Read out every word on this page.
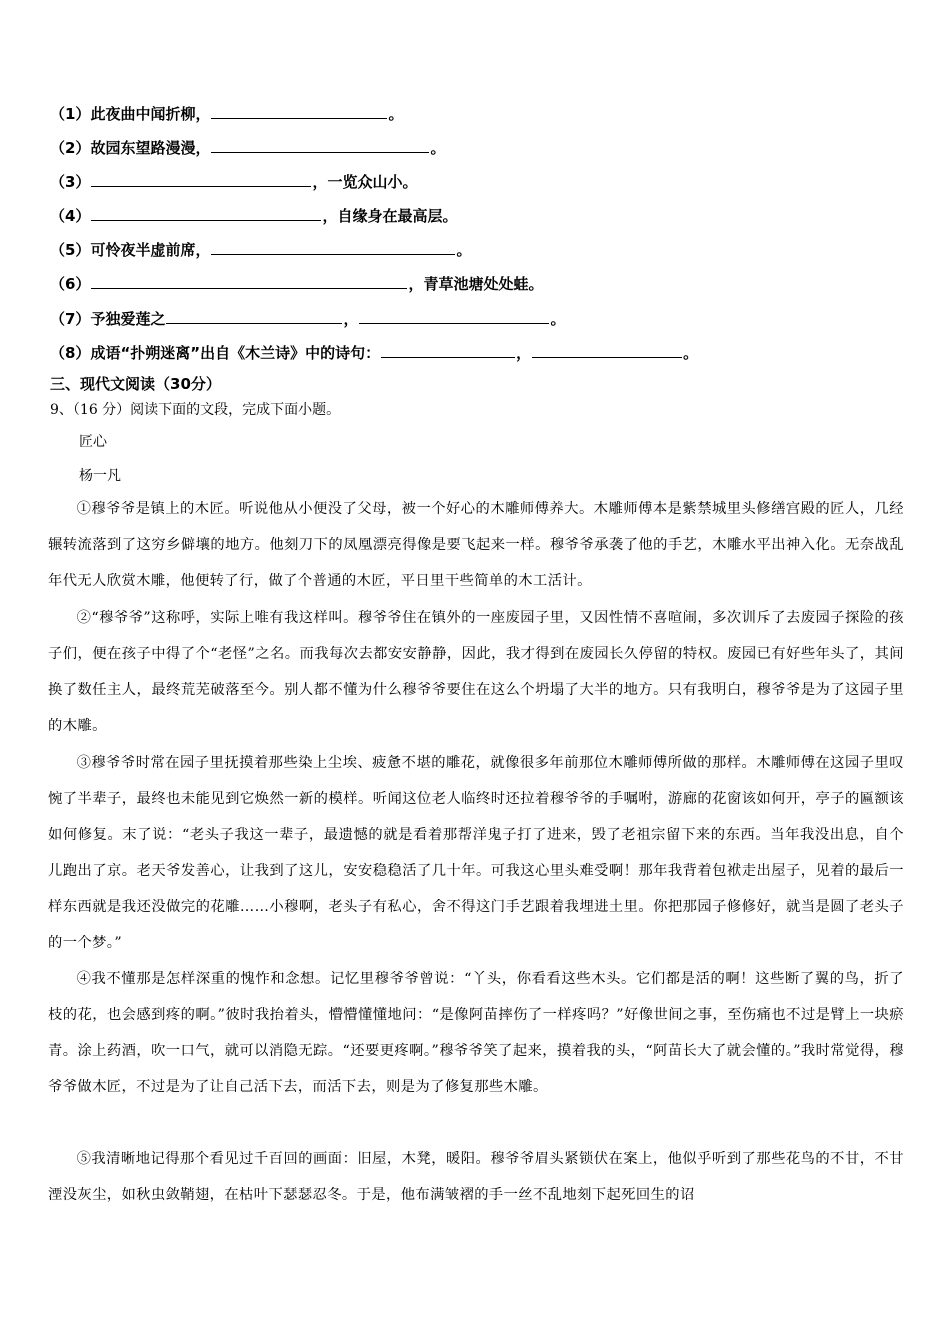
（1）此夜曲中闻折柳，	。
（2）故园东望路漫漫，	。
（3）	，一览众山小。
（4）	，自缘身在最高层。
（5）可怜夜半虚前席，	。
（6）	，青草池塘处处蛙。
（7）予独爱莲之	，	。
（8）成语“扑朔迷离”出自《木兰诗》中的诗句：	，	。
三、现代文阅读（30分）
9、（16 分）阅读下面的文段，完成下面小题。
匠心
杨一凡

①穆爷爷是镇上的木匠。听说他从小便没了父母，被一个好心的木雕师傅养大。木雕师傅本是紫禁城里头修缮宫殿的匠人，几经辗转流落到了这穷乡僻壤的地方。他刻刀下的凤凰漂亮得像是要飞起来一样。穆爷爷承袭了他的手艺，木雕水平出神入化。无奈战乱年代无人欣赏木雕，他便转了行，做了个普通的木匠，平日里干些简单的木工活计。

②“穆爷爷”这称呼，实际上唯有我这样叫。穆爷爷住在镇外的一座废园子里，又因性情不喜喧闹，多次训斥了去废园子探险的孩子们，便在孩子中得了个“老怪”之名。而我每次去都安安静静，因此，我才得到在废园长久停留的特权。废园已有好些年头了，其间换了数任主人，最终荒芜破落至今。别人都不懂为什么穆爷爷要住在这么个坍塌了大半的地方。只有我明白，穆爷爷是为了这园子里的木雕。

③穆爷爷时常在园子里抚摸着那些染上尘埃、疲惫不堪的雕花，就像很多年前那位木雕师傅所做的那样。木雕师傅在这园子里叹惋了半辈子，最终也未能见到它焕然一新的模样。听闻这位老人临终时还拉着穆爷爷的手嘱咐，游廊的花窗该如何开，亭子的匾额该如何修复。末了说：“老头子我这一辈子，最遗憾的就是看着那帮洋鬼子打了进来，毁了老祖宗留下来的东西。当年我没出息，自个儿跑出了京。老天爷发善心，让我到了这儿，安安稳稳活了几十年。可我这心里头难受啊！那年我背着包袱走出屋子，见着的最后一样东西就是我还没做完的花雕……小穆啊，老头子有私心，舍不得这门手艺跟着我埋进土里。你把那园子修修好，就当是圆了老头子的一个梦。”

④我不懂那是怎样深重的愧怍和念想。记忆里穆爷爷曾说：“丫头，你看看这些木头。它们都是活的啊！这些断了翼的鸟，折了枝的花，也会感到疼的啊。”彼时我抬着头，懵懵懂懂地问：“是像阿苗摔伤了一样疼吗？”好像世间之事，至伤痛也不过是臂上一块瘀青。涂上药酒，吹一口气，就可以消隐无踪。“还要更疼啊。”穆爷爷笑了起来，摸着我的头，“阿苗长大了就会懂的。”我时常觉得，穆爷爷做木匠，不过是为了让自己活下去，而活下去，则是为了修复那些木雕。

⑤我清晰地记得那个看见过千百回的画面：旧屋，木凳，暖阳。穆爷爷眉头紧锁伏在案上，他似乎听到了那些花鸟的不甘，不甘湮没灰尘，如秋虫敛鞘翅，在枯叶下瑟瑟忍冬。于是，他布满皱褶的手一丝不乱地刻下起死回生的诏
